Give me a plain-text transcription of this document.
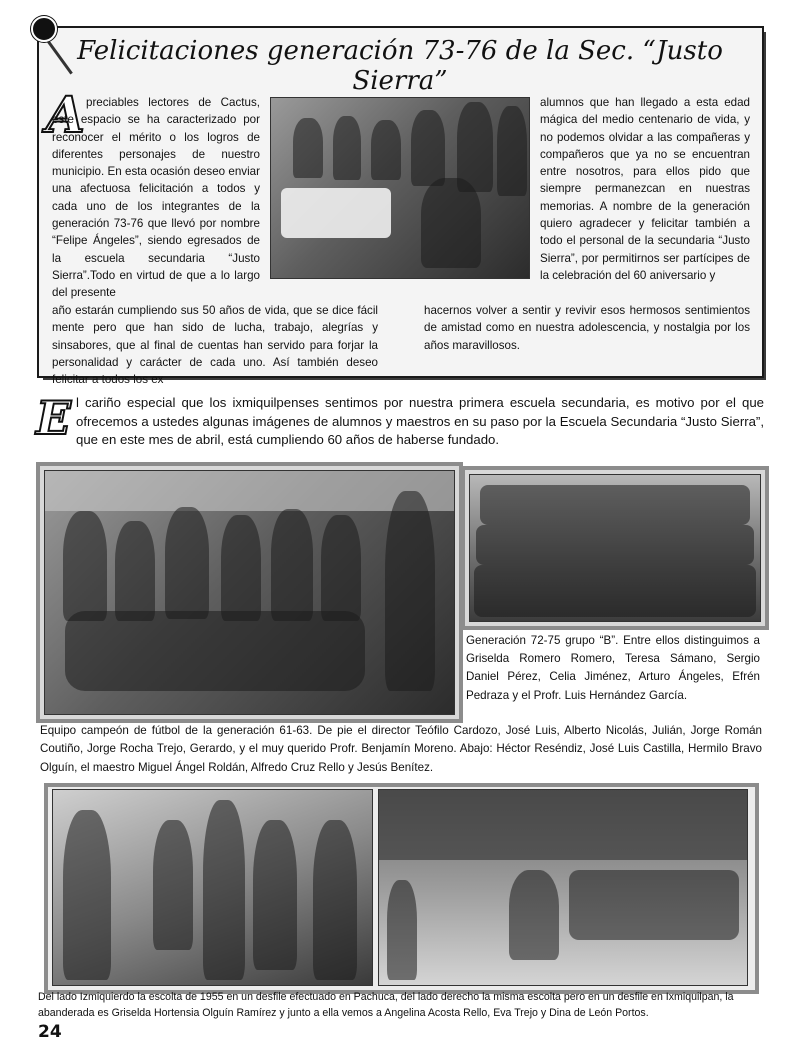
Felicitaciones generación 73-76 de la Sec. “Justo Sierra”
A preciables lectores de Cactus, este espacio se ha caracterizado por reconocer el mérito o los logros de diferentes personajes de nuestro municipio. En esta ocasión deseo enviar una afectuosa felicitación a todos y cada uno de los integrantes de la generación 73-76 que llevó por nombre “Felipe Ángeles”, siendo egresados de la escuela secundaria “Justo Sierra”.Todo en virtud de que a lo largo del presente

alumnos que han llegado a esta edad mágica del medio centenario de vida, y no podemos olvidar a las compañeras y compañeros que ya no se encuentran entre nosotros, para ellos pido que siempre permanezcan en nuestras memorias. A nombre de la generación quiero agradecer y felicitar también a todo el personal de la secundaria “Justo Sierra”, por permitirnos ser partícipes de la celebración del 60 aniversario y

año estarán cumpliendo sus 50 años de vida, que se dice fácil mente pero que han sido de lucha, trabajo, alegrías y sinsabores, que al final de cuentas han servido para forjar la personalidad y carácter de cada uno. Así también deseo felicitar a todos los ex

hacernos volver a sentir y revivir esos hermosos sentimientos de amistad como en nuestra adolescencia, y nostalgia por los años maravillosos.

E l cariño especial que los ixmiquilpenses sentimos por nuestra primera escuela secundaria, es motivo por el que ofrecemos a ustedes algunas imágenes de alumnos y maestros en su paso por la Escuela Secundaria “Justo Sierra”, que en este mes de abril, está cumpliendo 60 años de haberse fundado.
Generación 72-75 grupo “B”. Entre ellos distinguimos a Griselda Romero Romero, Teresa Sámano, Sergio Daniel Pérez, Celia Jiménez, Arturo Ángeles, Efrén Pedraza y el Profr. Luis Hernández García.
Equipo campeón de fútbol de la generación 61-63. De pie el director Teófilo Cardozo, José Luis, Alberto Nicolás, Julián, Jorge Román Coutiño, Jorge Rocha Trejo, Gerardo, y el muy querido Profr. Benjamín Moreno. Abajo: Héctor Reséndiz, José Luis Castilla, Hermilo Bravo Olguín, el maestro Miguel Ángel Roldán, Alfredo Cruz Rello y Jesús Benítez.
Del lado Izmiquierdo la escolta de 1955 en un desfile efectuado en Pachuca, del lado derecho la misma escolta pero en un desfile en Ixmiquilpan, la abanderada es Griselda Hortensia Olguín Ramírez y junto a ella vemos a Angelina Acosta Rello, Eva Trejo y Dina de León Portos.
24
